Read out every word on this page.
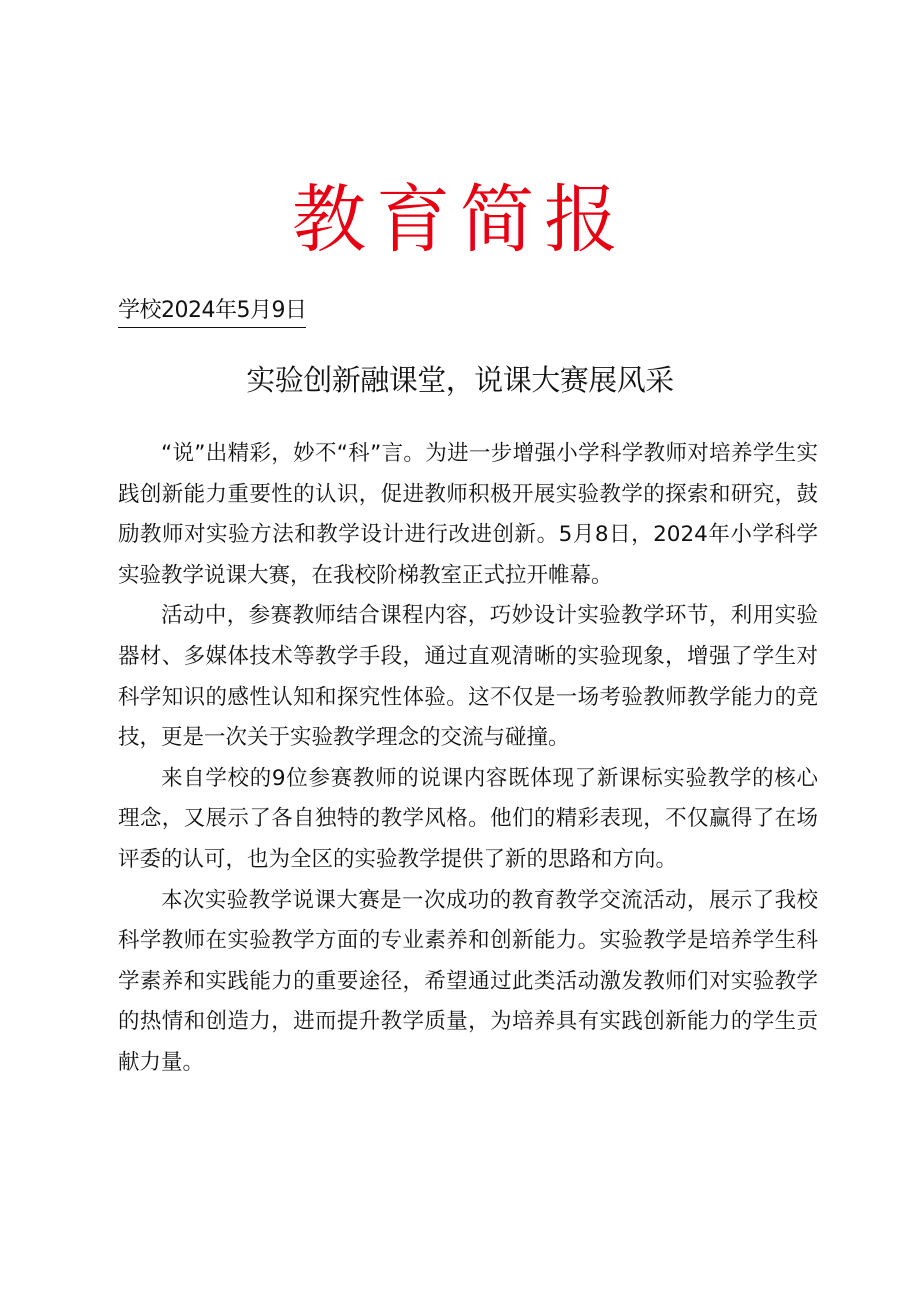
教育简报
学校2024年5月9日
实验创新融课堂，说课大赛展风采

“说”出精彩，妙不“科”言。为进一步增强小学科学教师对培养学生实践创新能力重要性的认识，促进教师积极开展实验教学的探索和研究，鼓励教师对实验方法和教学设计进行改进创新。5月8日，2024年小学科学实验教学说课大赛，在我校阶梯教室正式拉开帷幕。

活动中，参赛教师结合课程内容，巧妙设计实验教学环节，利用实验器材、多媒体技术等教学手段，通过直观清晰的实验现象，增强了学生对科学知识的感性认知和探究性体验。这不仅是一场考验教师教学能力的竞技，更是一次关于实验教学理念的交流与碰撞。

来自学校的9位参赛教师的说课内容既体现了新课标实验教学的核心理念，又展示了各自独特的教学风格。他们的精彩表现，不仅赢得了在场评委的认可，也为全区的实验教学提供了新的思路和方向。

本次实验教学说课大赛是一次成功的教育教学交流活动，展示了我校科学教师在实验教学方面的专业素养和创新能力。实验教学是培养学生科学素养和实践能力的重要途径，希望通过此类活动激发教师们对实验教学的热情和创造力，进而提升教学质量，为培养具有实践创新能力的学生贡献力量。
